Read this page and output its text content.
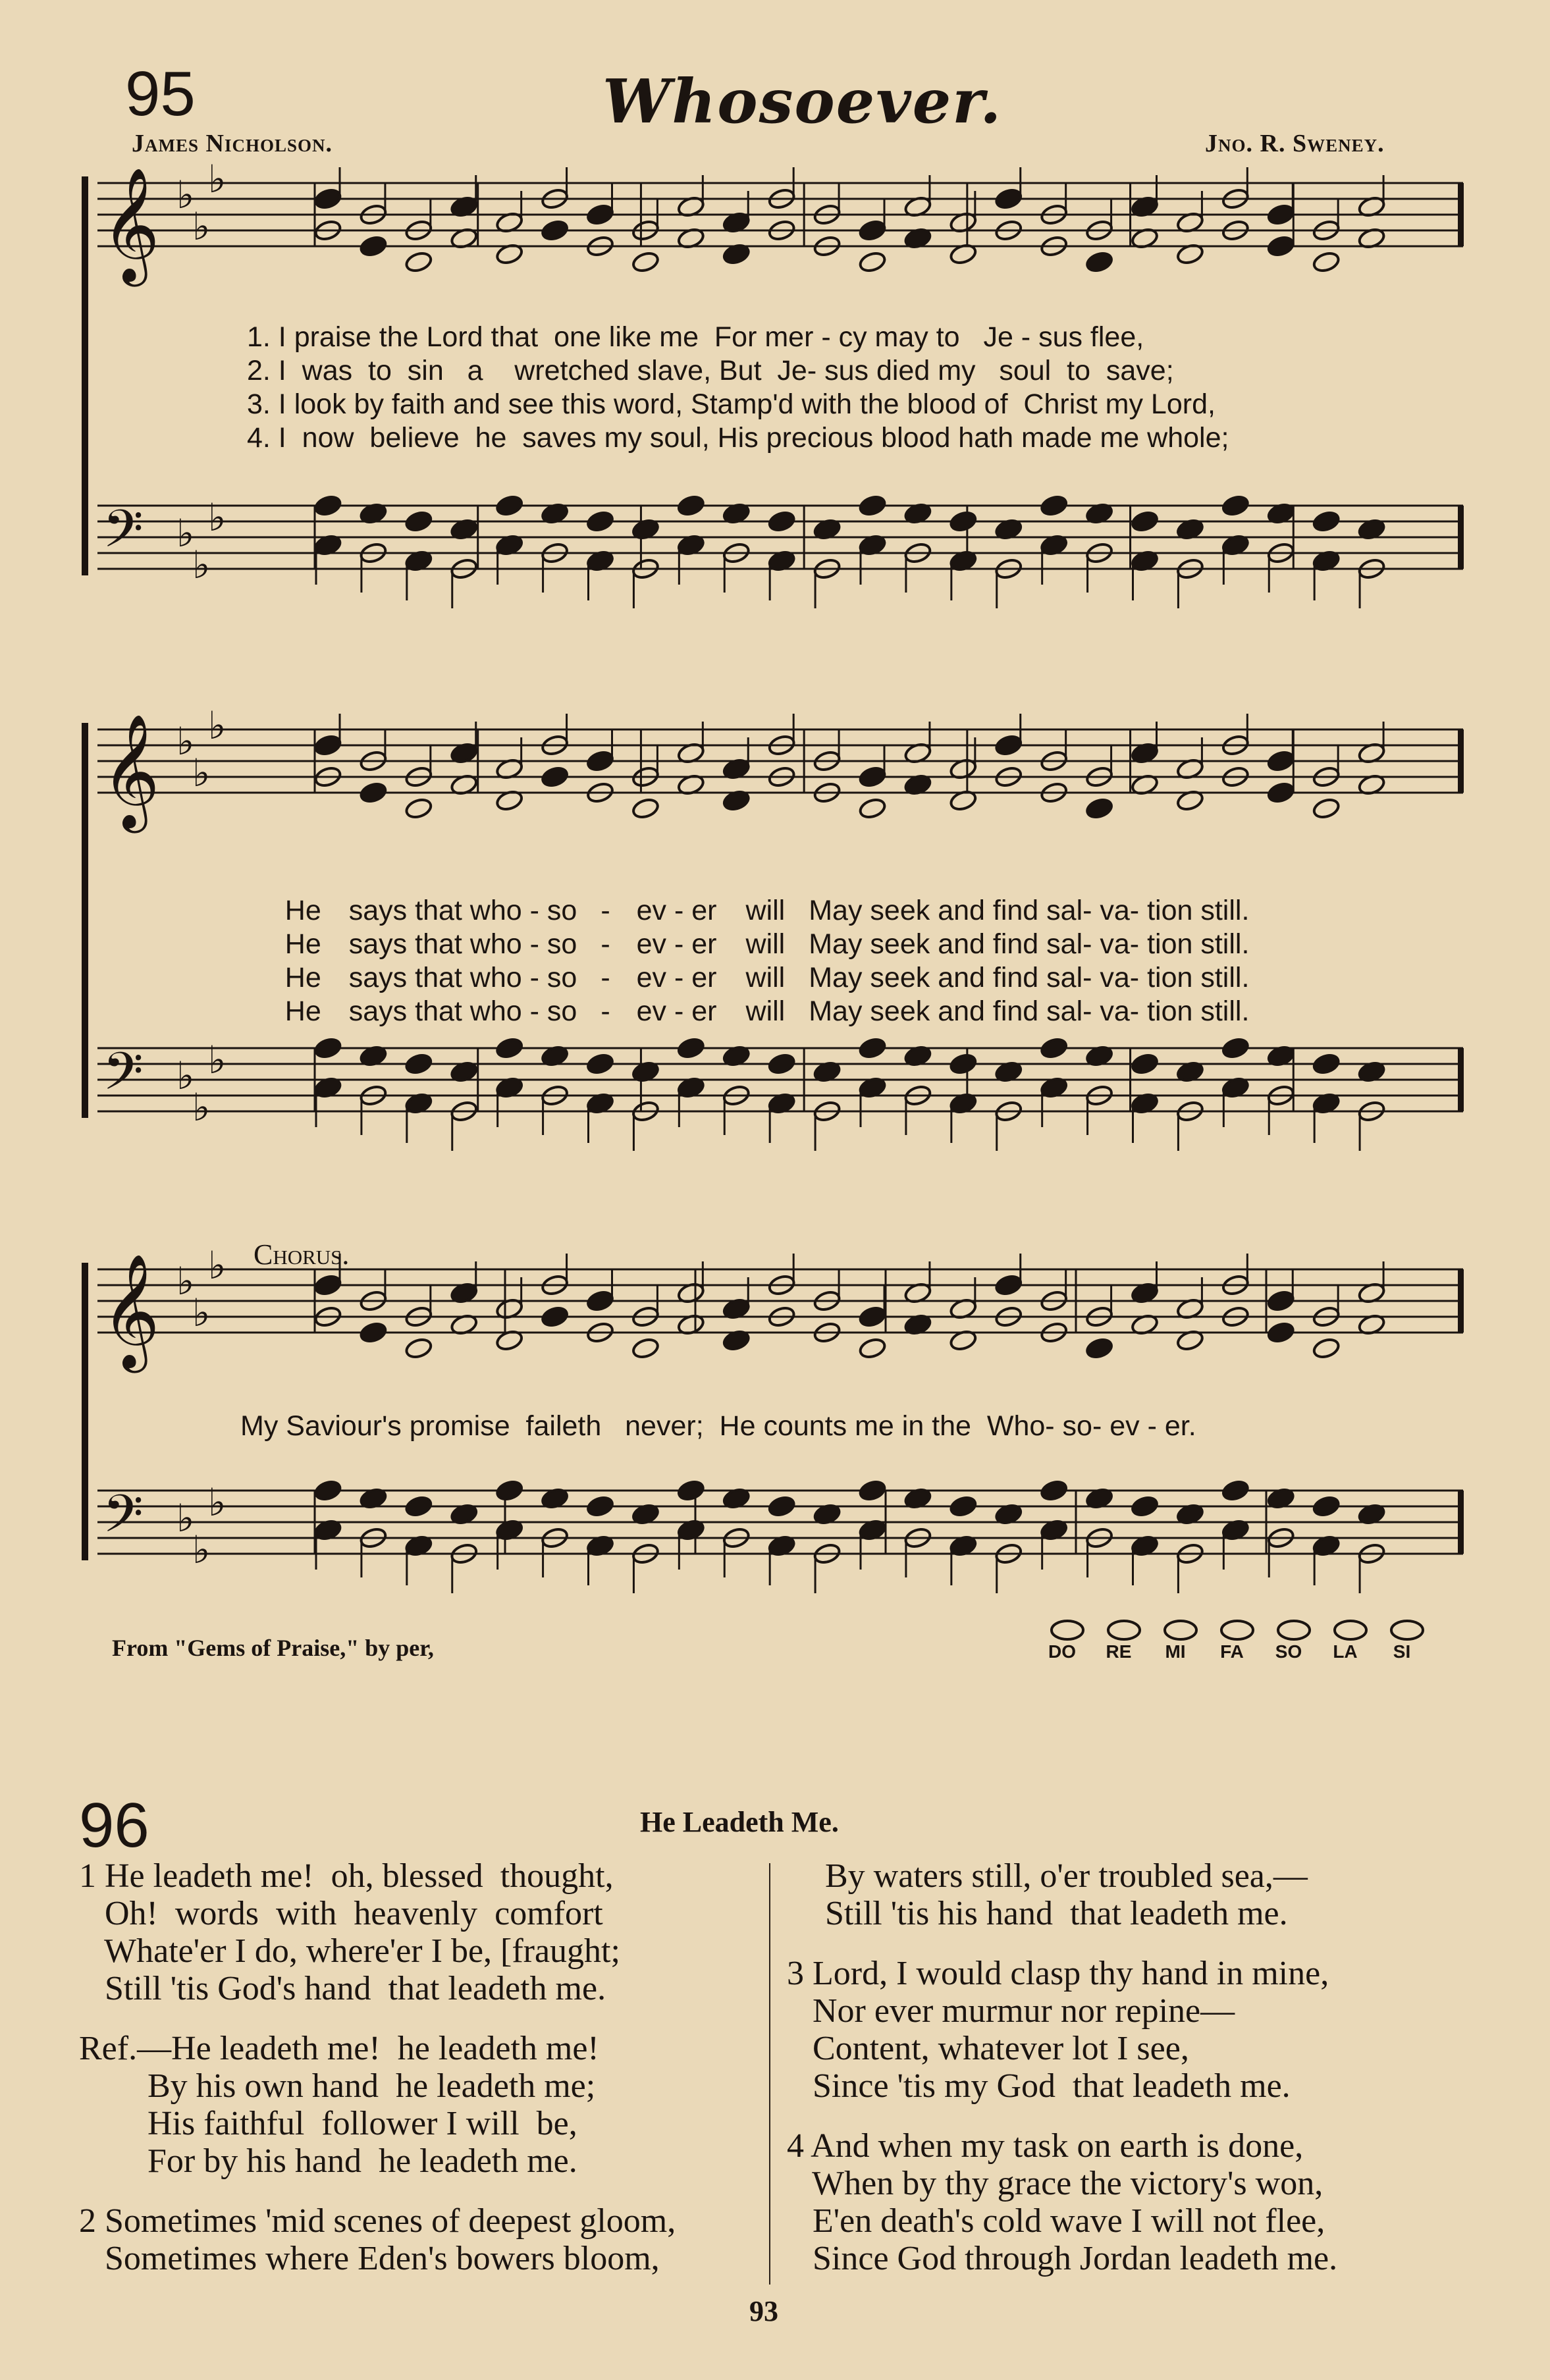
95	Whosoever.
James Nicholson.	Jno. R. Sweney.
𝄞
𝄢
♭
♭
♭
♭
♭
♭
𝄞
𝄢
♭
♭
♭
♭
♭
♭
𝄞
𝄢
♭
♭
♭
♭
♭
♭
1. I praise the Lord that  one like me  For mer - cy may to   Je - sus flee,
2. I  was  to  sin   a    wretched slave, But  Je- sus died my   soul  to  save;
3. I look by faith and see this word, Stamp'd with the blood of  Christ my Lord,
4. I  now  believe  he  saves my soul, His precious blood hath made me whole;

He says that who - so - ev - er will May seek and find sal- va- tion still.

He says that who - so - ev - er will May seek and find sal- va- tion still.

He says that who - so - ev - er will May seek and find sal- va- tion still.

He says that who - so - ev - er will May seek and find sal- va- tion still.

Chorus.
My Saviour's promise  faileth   never;  He counts me in the  Who- so- ev - er.
From "Gems of Praise," by per,	DO	RE	MI	FA	SO	LA	SI
96	He Leadeth Me.
1 He leadeth me!  oh, blessed  thought,
Oh!  words  with  heavenly  comfort
Whate'er I do, where'er I be, [fraught;
Still 'tis God's hand  that leadeth me.
Ref.—He leadeth me!  he leadeth me!
By his own hand  he leadeth me;
His faithful  follower I will  be,
For by his hand  he leadeth me.
2 Sometimes 'mid scenes of deepest gloom,
Sometimes where Eden's bowers bloom,
By waters still, o'er troubled sea,—
Still 'tis his hand  that leadeth me.
3 Lord, I would clasp thy hand in mine,
Nor ever murmur nor repine—
Content, whatever lot I see,
Since 'tis my God  that leadeth me.
4 And when my task on earth is done,
When by thy grace the victory's won,
E'en death's cold wave I will not flee,
Since God through Jordan leadeth me.
93
